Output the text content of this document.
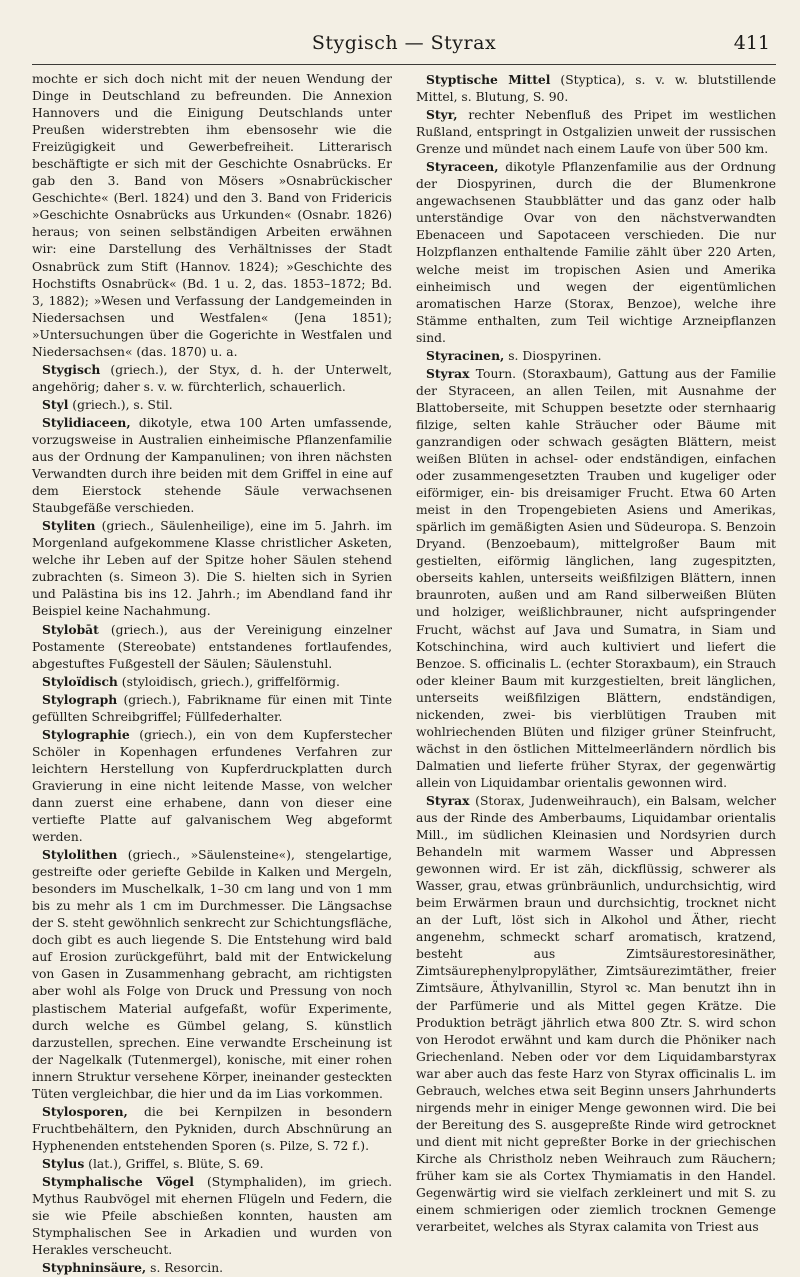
Stygisch — Styrax	411

mochte er sich doch nicht mit der neuen Wendung der Dinge in Deutschland zu befreunden. Die Annexion Hannovers und die Einigung Deutschlands unter Preußen widerstrebten ihm ebensosehr wie die Freizügigkeit und Gewerbefreiheit. Litterarisch beschäftigte er sich mit der Geschichte Osnabrücks. Er gab den 3. Band von Mösers »Osnabrückischer Geschichte« (Berl. 1824) und den 3. Band von Fridericis »Geschichte Osnabrücks aus Urkunden« (Osnabr. 1826) heraus; von seinen selbständigen Arbeiten erwähnen wir: eine Darstellung des Verhältnisses der Stadt Osnabrück zum Stift (Hannov. 1824); »Geschichte des Hochstifts Osnabrück« (Bd. 1 u. 2, das. 1853–1872; Bd. 3, 1882); »Wesen und Verfassung der Landgemeinden in Niedersachsen und Westfalen« (Jena 1851); »Untersuchungen über die Gogerichte in Westfalen und Niedersachsen« (das. 1870) u. a.

Stygisch (griech.), der Styx, d. h. der Unterwelt, angehörig; daher s. v. w. fürchterlich, schauerlich.

Styl (griech.), s. Stil.

Stylidiaceen, dikotyle, etwa 100 Arten umfassende, vorzugsweise in Australien einheimische Pflanzenfamilie aus der Ordnung der Kampanulinen; von ihren nächsten Verwandten durch ihre beiden mit dem Griffel in eine auf dem Eierstock stehende Säule verwachsenen Staubgefäße verschieden.

Styliten (griech., Säulenheilige), eine im 5. Jahrh. im Morgenland aufgekommene Klasse christlicher Asketen, welche ihr Leben auf der Spitze hoher Säulen stehend zubrachten (s. Simeon 3). Die S. hielten sich in Syrien und Palästina bis ins 12. Jahrh.; im Abendland fand ihr Beispiel keine Nachahmung.

Stylobāt (griech.), aus der Vereinigung einzelner Postamente (Stereobate) entstandenes fortlaufendes, abgestuftes Fußgestell der Säulen; Säulenstuhl.

Styloïdisch (styloidisch, griech.), griffelförmig.

Stylograph (griech.), Fabrikname für einen mit Tinte gefüllten Schreibgriffel; Füllfederhalter.

Stylographie (griech.), ein von dem Kupferstecher Schöler in Kopenhagen erfundenes Verfahren zur leichtern Herstellung von Kupferdruckplatten durch Gravierung in eine nicht leitende Masse, von welcher dann zuerst eine erhabene, dann von dieser eine vertiefte Platte auf galvanischem Weg abgeformt werden.

Stylolithen (griech., »Säulensteine«), stengelartige, gestreifte oder geriefte Gebilde in Kalken und Mergeln, besonders im Muschelkalk, 1–30 cm lang und von 1 mm bis zu mehr als 1 cm im Durchmesser. Die Längsachse der S. steht gewöhnlich senkrecht zur Schichtungsfläche, doch gibt es auch liegende S. Die Entstehung wird bald auf Erosion zurückgeführt, bald mit der Entwickelung von Gasen in Zusammenhang gebracht, am richtigsten aber wohl als Folge von Druck und Pressung von noch plastischem Material aufgefaßt, wofür Experimente, durch welche es Gümbel gelang, S. künstlich darzustellen, sprechen. Eine verwandte Erscheinung ist der Nagelkalk (Tutenmergel), konische, mit einer rohen innern Struktur versehene Körper, ineinander gesteckten Tüten vergleichbar, die hier und da im Lias vorkommen.

Stylosporen, die bei Kernpilzen in besondern Fruchtbehältern, den Pykniden, durch Abschnürung an Hyphenenden entstehenden Sporen (s. Pilze, S. 72 f.).

Stylus (lat.), Griffel, s. Blüte, S. 69.

Stymphalische Vögel (Stymphaliden), im griech. Mythus Raubvögel mit ehernen Flügeln und Federn, die sie wie Pfeile abschießen konnten, hausten am Stymphalischen See in Arkadien und wurden von Herakles verscheucht.

Styphninsäure, s. Resorcin.

Styptische Mittel (Styptica), s. v. w. blutstillende Mittel, s. Blutung, S. 90.

Styr, rechter Nebenfluß des Pripet im westlichen Rußland, entspringt in Ostgalizien unweit der russischen Grenze und mündet nach einem Laufe von über 500 km.

Styraceen, dikotyle Pflanzenfamilie aus der Ordnung der Diospyrinen, durch die der Blumenkrone angewachsenen Staubblätter und das ganz oder halb unterständige Ovar von den nächstverwandten Ebenaceen und Sapotaceen verschieden. Die nur Holzpflanzen enthaltende Familie zählt über 220 Arten, welche meist im tropischen Asien und Amerika einheimisch und wegen der eigentümlichen aromatischen Harze (Storax, Benzoe), welche ihre Stämme enthalten, zum Teil wichtige Arzneipflanzen sind.

Styracinen, s. Diospyrinen.

Styrax Tourn. (Storaxbaum), Gattung aus der Familie der Styraceen, an allen Teilen, mit Ausnahme der Blattoberseite, mit Schuppen besetzte oder sternhaarig filzige, selten kahle Sträucher oder Bäume mit ganzrandigen oder schwach gesägten Blättern, meist weißen Blüten in achsel- oder endständigen, einfachen oder zusammengesetzten Trauben und kugeliger oder eiförmiger, ein- bis dreisamiger Frucht. Etwa 60 Arten meist in den Tropengebieten Asiens und Amerikas, spärlich im gemäßigten Asien und Südeuropa. S. Benzoin Dryand. (Benzoebaum), mittelgroßer Baum mit gestielten, eiförmig länglichen, lang zugespitzten, oberseits kahlen, unterseits weißfilzigen Blättern, innen braunroten, außen und am Rand silberweißen Blüten und holziger, weißlichbrauner, nicht aufspringender Frucht, wächst auf Java und Sumatra, in Siam und Kotschinchina, wird auch kultiviert und liefert die Benzoe. S. officinalis L. (echter Storaxbaum), ein Strauch oder kleiner Baum mit kurzgestielten, breit länglichen, unterseits weißfilzigen Blättern, endständigen, nickenden, zwei- bis vierblütigen Trauben mit wohlriechenden Blüten und filziger grüner Steinfrucht, wächst in den östlichen Mittelmeerländern nördlich bis Dalmatien und lieferte früher Styrax, der gegenwärtig allein von Liquidambar orientalis gewonnen wird.

Styrax (Storax, Judenweihrauch), ein Balsam, welcher aus der Rinde des Amberbaums, Liquidambar orientalis Mill., im südlichen Kleinasien und Nordsyrien durch Behandeln mit warmem Wasser und Abpressen gewonnen wird. Er ist zäh, dickflüssig, schwerer als Wasser, grau, etwas grünbräunlich, undurchsichtig, wird beim Erwärmen braun und durchsichtig, trocknet nicht an der Luft, löst sich in Alkohol und Äther, riecht angenehm, schmeckt scharf aromatisch, kratzend, besteht aus Zimtsäurestoresinäther, Zimtsäurephenylpropyläther, Zimtsäurezimtäther, freier Zimtsäure, Äthylvanillin, Styrol ꝛc. Man benutzt ihn in der Parfümerie und als Mittel gegen Krätze. Die Produktion beträgt jährlich etwa 800 Ztr. S. wird schon von Herodot erwähnt und kam durch die Phöniker nach Griechenland. Neben oder vor dem Liquidambarstyrax war aber auch das feste Harz von Styrax officinalis L. im Gebrauch, welches etwa seit Beginn unsers Jahrhunderts nirgends mehr in einiger Menge gewonnen wird. Die bei der Bereitung des S. ausgepreßte Rinde wird getrocknet und dient mit nicht gepreßter Borke in der griechischen Kirche als Christholz neben Weihrauch zum Räuchern; früher kam sie als Cortex Thymiamatis in den Handel. Gegenwärtig wird sie vielfach zerkleinert und mit S. zu einem schmierigen oder ziemlich trocknen Gemenge verarbeitet, welches als Styrax calamita von Triest aus
